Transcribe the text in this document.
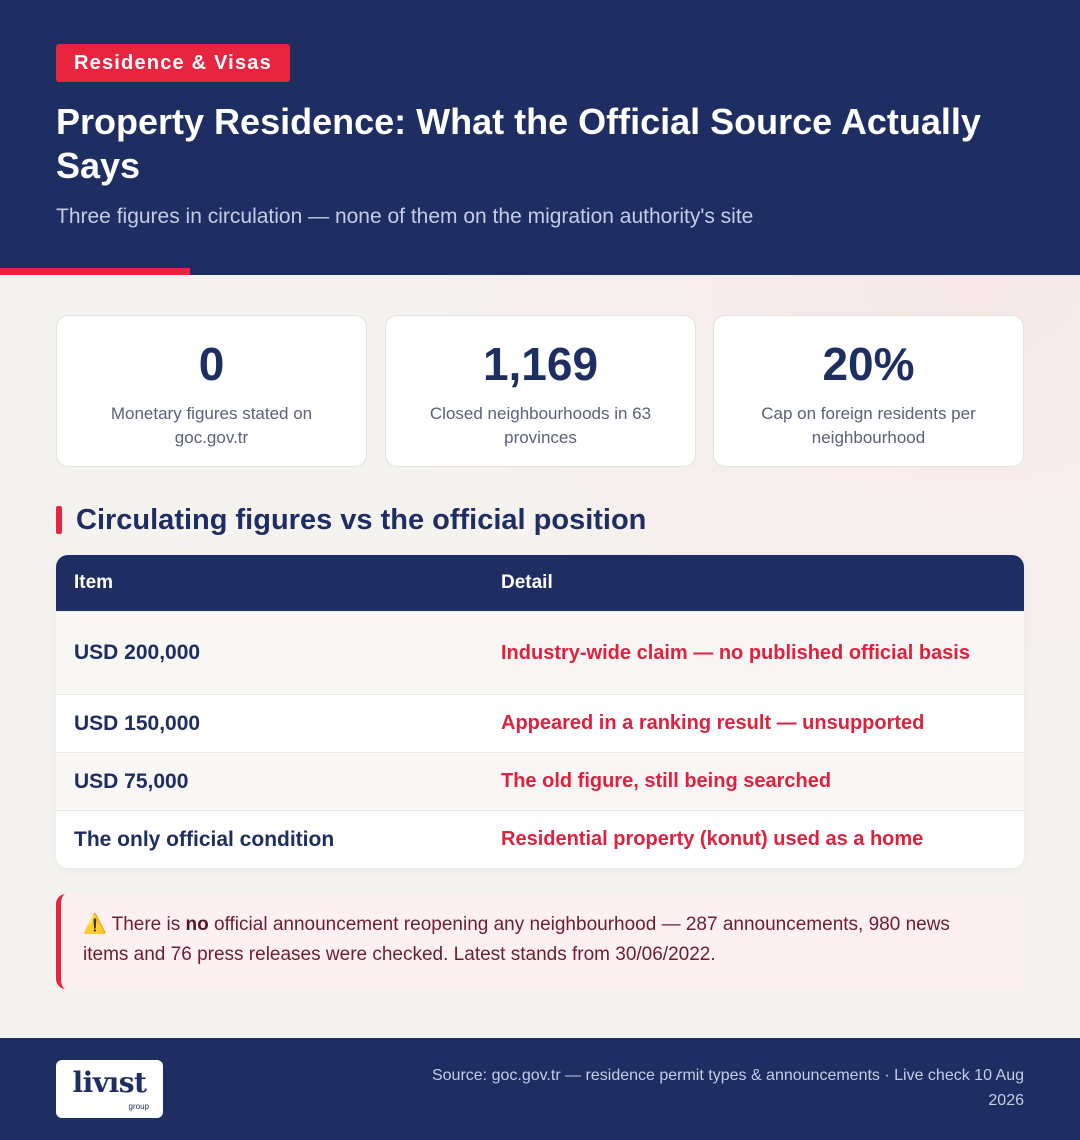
Residence & Visas
Property Residence: What the Official Source Actually Says
Three figures in circulation — none of them on the migration authority's site
0
Monetary figures stated on goc.gov.tr
1,169
Closed neighbourhoods in 63 provinces
20%
Cap on foreign residents per neighbourhood
Circulating figures vs the official position
Item	Detail
USD 200,000	Industry-wide claim — no published official basis
USD 150,000	Appeared in a ranking result — unsupported
USD 75,000	The old figure, still being searched
The only official condition	Residential property (konut) used as a home
⚠️ There is no official announcement reopening any neighbourhood — 287 announcements, 980 news items and 76 press releases were checked. Latest stands from 30/06/2022.
livıst
group
Source: goc.gov.tr — residence permit types & announcements · Live check 10 Aug 2026
